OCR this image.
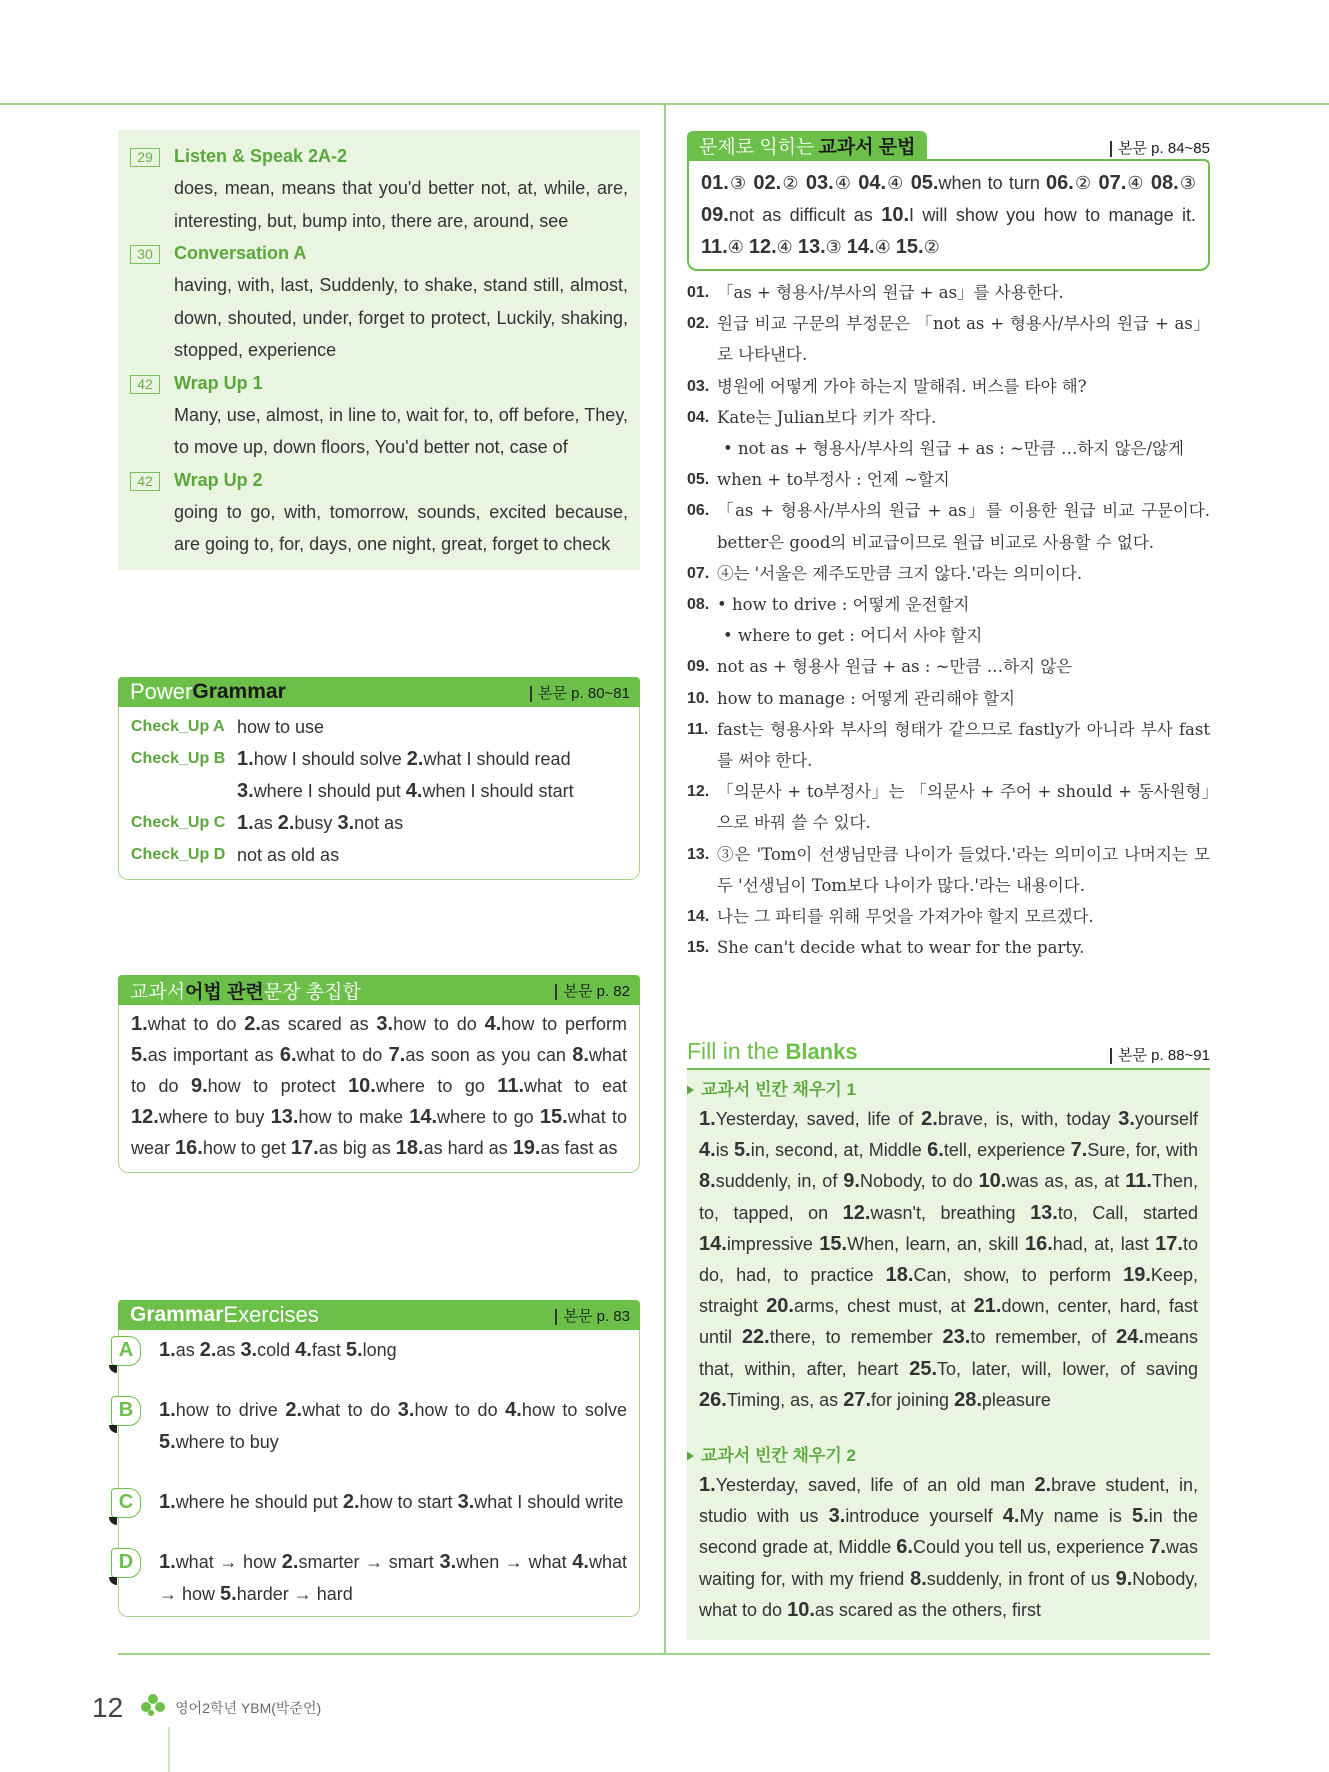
29	Listen & Speak 2A-2
does, mean, means that you'd better not, at, while, are, interesting, but, bump into, there are, around, see
30	Conversation A
having, with, last, Suddenly, to shake, stand still, almost, down, shouted, under, forget to protect, Luckily, shaking, stopped, experience
42	Wrap Up 1
Many, use, almost, in line to, wait for, to, off before, They, to move up, down floors, You'd better not, case of
42	Wrap Up 2
going to go, with, tomorrow, sounds, excited because, are going to, for, days, one night, great, forget to check
Power Grammar	본문 p. 80~81
Check_Up A how to use
Check_Up B 1.how I should solve 2.what I should read
3.where I should put 4.when I should start
Check_Up C 1.as 2.busy 3.not as
Check_Up D not as old as
교과서 어법 관련 문장 총집합	본문 p. 82
1.what to do 2.as scared as 3.how to do 4.how to perform 5.as important as 6.what to do 7.as soon as you can 8.what to do 9.how to protect 10.where to go 11.what to eat 12.where to buy 13.how to make 14.where to go 15.what to wear 16.how to get 17.as big as 18.as hard as 19.as fast as
Grammar Exercises	본문 p. 83
A	1.as 2.as 3.cold 4.fast 5.long
B	1.how to drive 2.what to do 3.how to do 4.how to solve 5.where to buy
C	1.where he should put 2.how to start 3.what I should write
D	1.what → how 2.smarter → smart 3.when → what 4.what → how 5.harder → hard
문제로 익히는 교과서 문법	본문 p. 84~85
01.③ 02.② 03.④ 04.④ 05.when to turn 06.② 07.④ 08.③ 09.not as difficult as 10.I will show you how to manage it. 11.④ 12.④ 13.③ 14.④ 15.②
01. 「as + 형용사/부사의 원급 + as」를 사용한다.
02. 원급 비교 구문의 부정문은 「not as + 형용사/부사의 원급 + as」로 나타낸다.
03. 병원에 어떻게 가야 하는지 말해줘. 버스를 타야 해?
04. Kate는 Julian보다 키가 작다.
• not as + 형용사/부사의 원급 + as : ~만큼 …하지 않은/않게
05. when + to부정사 : 언제 ~할지
06. 「as + 형용사/부사의 원급 + as」를 이용한 원급 비교 구문이다. better은 good의 비교급이므로 원급 비교로 사용할 수 없다.
07. ④는 '서울은 제주도만큼 크지 않다.'라는 의미이다.
08. • how to drive : 어떻게 운전할지
• where to get : 어디서 사야 할지
09. not as + 형용사 원급 + as : ~만큼 …하지 않은
10. how to manage : 어떻게 관리해야 할지
11. fast는 형용사와 부사의 형태가 같으므로 fastly가 아니라 부사 fast를 써야 한다.
12. 「의문사 + to부정사」는 「의문사 + 주어 + should + 동사원형」으로 바꿔 쓸 수 있다.
13. ③은 'Tom이 선생님만큼 나이가 들었다.'라는 의미이고 나머지는 모두 '선생님이 Tom보다 나이가 많다.'라는 내용이다.
14. 나는 그 파티를 위해 무엇을 가져가야 할지 모르겠다.
15. She can't decide what to wear for the party.
Fill in the Blanks	본문 p. 88~91
교과서 빈칸 채우기 1
1.Yesterday, saved, life of 2.brave, is, with, today 3.yourself 4.is 5.in, second, at, Middle 6.tell, experience 7.Sure, for, with 8.suddenly, in, of 9.Nobody, to do 10.was as, as, at 11.Then, to, tapped, on 12.wasn't, breathing 13.to, Call, started 14.impressive 15.When, learn, an, skill 16.had, at, last 17.to do, had, to practice 18.Can, show, to perform 19.Keep, straight 20.arms, chest must, at 21.down, center, hard, fast until 22.there, to remember 23.to remember, of 24.means that, within, after, heart 25.To, later, will, lower, of saving 26.Timing, as, as 27.for joining 28.pleasure
교과서 빈칸 채우기 2
1.Yesterday, saved, life of an old man 2.brave student, in, studio with us 3.introduce yourself 4.My name is 5.in the second grade at, Middle 6.Could you tell us, experience 7.was waiting for, with my friend 8.suddenly, in front of us 9.Nobody, what to do 10.as scared as the others, first
12	영어2학년 YBM(박준언)
